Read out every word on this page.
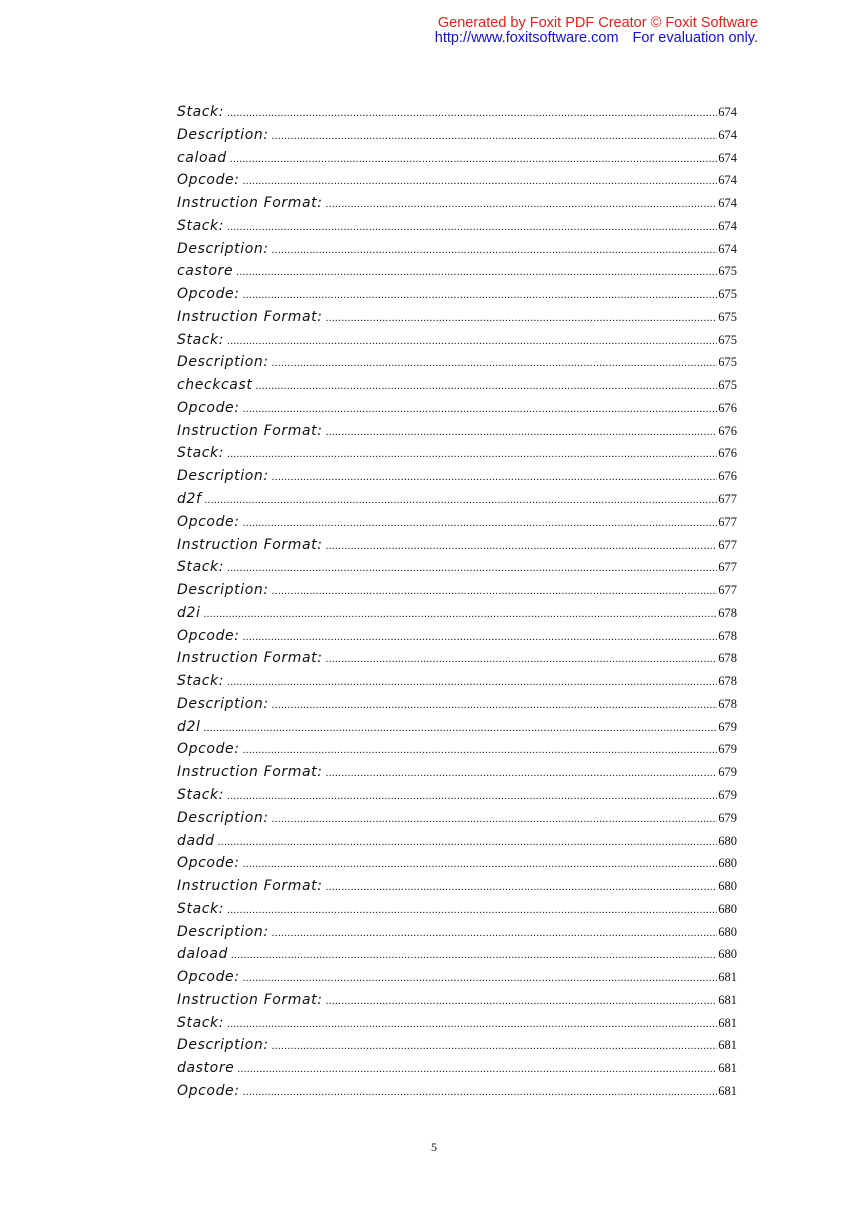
Generated by Foxit PDF Creator © Foxit Software
http://www.foxitsoftware.com For evaluation only.
Stack: .....	674
Description: .....	674
caload .....	674
Opcode: .....	674
Instruction Format: .....	674
Stack: .....	674
Description: .....	674
castore .....	675
Opcode: .....	675
Instruction Format: .....	675
Stack: .....	675
Description: .....	675
checkcast .....	675
Opcode: .....	676
Instruction Format: .....	676
Stack: .....	676
Description: .....	676
d2f .....	677
Opcode: .....	677
Instruction Format: .....	677
Stack: .....	677
Description: .....	677
d2i .....	678
Opcode: .....	678
Instruction Format: .....	678
Stack: .....	678
Description: .....	678
d2l .....	679
Opcode: .....	679
Instruction Format: .....	679
Stack: .....	679
Description: .....	679
dadd .....	680
Opcode: .....	680
Instruction Format: .....	680
Stack: .....	680
Description: .....	680
daload .....	680
Opcode: .....	681
Instruction Format: .....	681
Stack: .....	681
Description: .....	681
dastore .....	681
Opcode: .....	681
5
